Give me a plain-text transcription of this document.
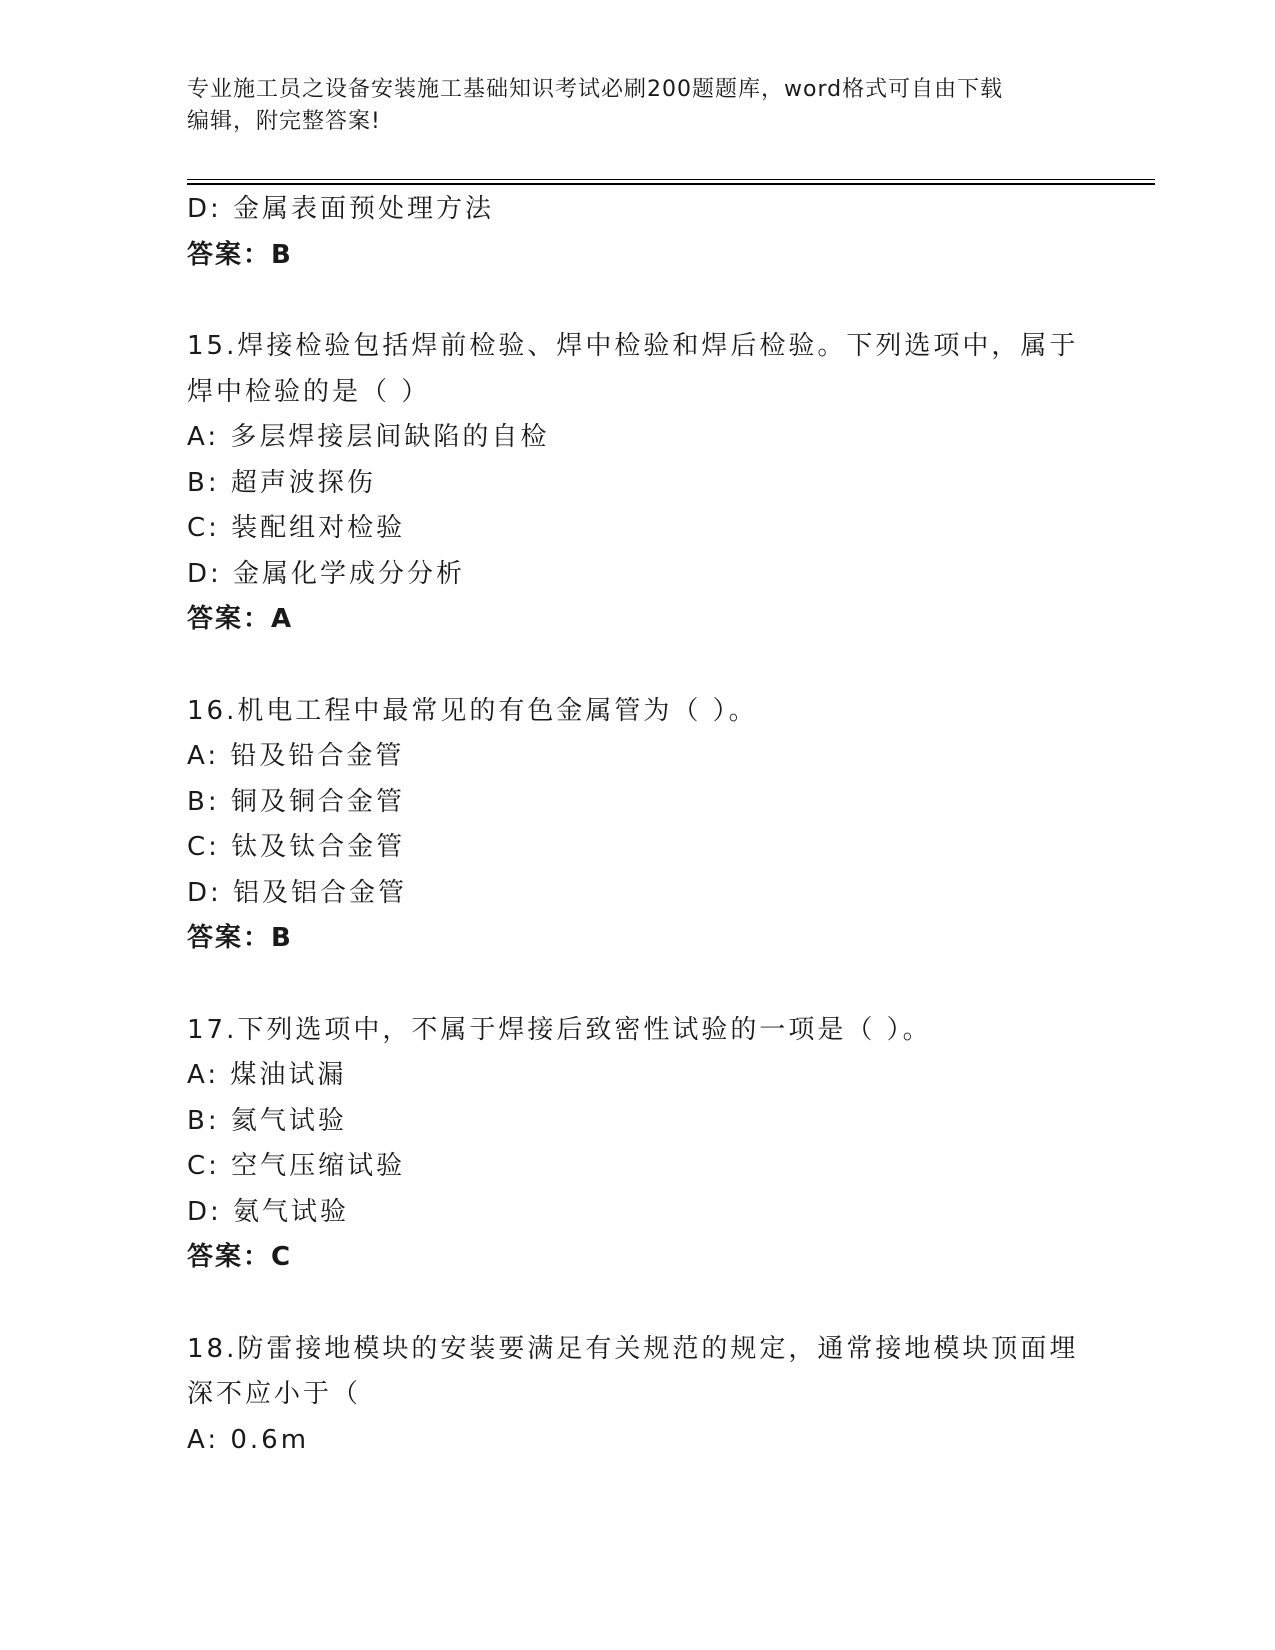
专业施工员之设备安装施工基础知识考试必刷200题题库，word格式可自由下载
编辑，附完整答案!
D: 金属表面预处理方法
答案：B
15.焊接检验包括焊前检验、焊中检验和焊后检验。下列选项中，属于
焊中检验的是（ ）
A: 多层焊接层间缺陷的自检
B: 超声波探伤
C: 装配组对检验
D: 金属化学成分分析
答案：A
16.机电工程中最常见的有色金属管为（ ）。
A: 铅及铅合金管
B: 铜及铜合金管
C: 钛及钛合金管
D: 铝及铝合金管
答案：B
17.下列选项中，不属于焊接后致密性试验的一项是（ ）。
A: 煤油试漏
B: 氦气试验
C: 空气压缩试验
D: 氨气试验
答案：C
18.防雷接地模块的安装要满足有关规范的规定，通常接地模块顶面埋
深不应小于（
A: 0.6m
